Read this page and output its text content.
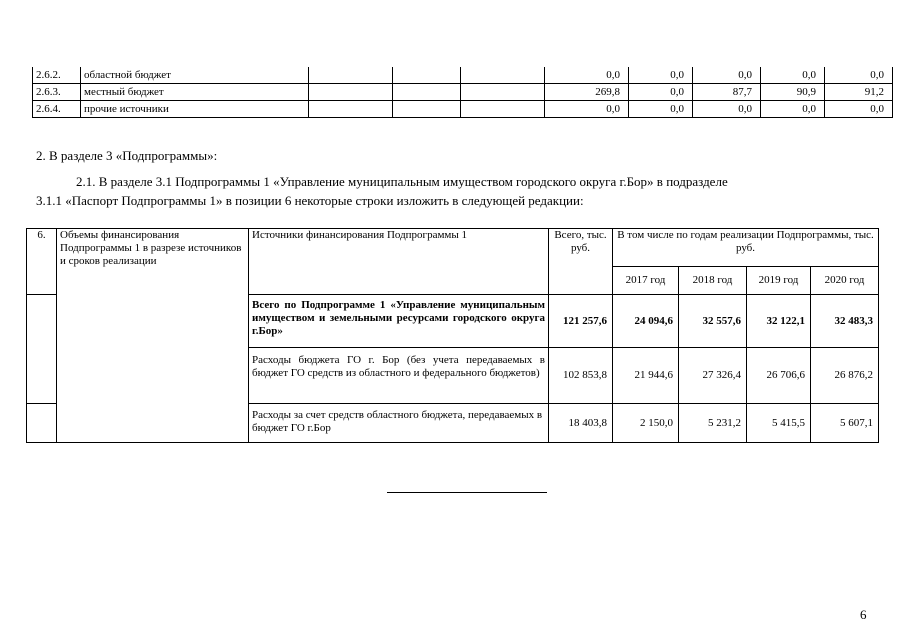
2.6.2.	областной бюджет				0,0	0,0	0,0	0,0	0,0
2.6.3.	местный бюджет				269,8	0,0	87,7	90,9	91,2
2.6.4.	прочие источники				0,0	0,0	0,0	0,0	0,0
2. В разделе 3 «Подпрограммы»:
2.1. В разделе 3.1 Подпрограммы 1 «Управление муниципальным имуществом городского округа г.Бор» в подразделе
3.1.1 «Паспорт Подпрограммы 1» в позиции 6 некоторые строки изложить в следующей редакции:
6.	Объемы финансирования Подпрограммы 1 в разрезе источников и сроков реализации	Источники финансирования Подпрограммы 1	Всего, тыс. руб.	В том числе по годам реализации Подпрограммы, тыс. руб.			
				2017 год	2018 год	2019 год	2020 год
		Всего по Подпрограмме 1 «Управление муниципальным имуществом и земельными ресурсами городского округа г.Бор»	121 257,6	24 094,6	32 557,6	32 122,1	32 483,3
		Расходы бюджета ГО г. Бор (без учета передаваемых в бюджет ГО средств из областного и федерального бюджетов)	102 853,8	21 944,6	27 326,4	26 706,6	26 876,2
		Расходы за счет средств областного бюджета, передаваемых в бюджет ГО г.Бор	18 403,8	2 150,0	5 231,2	5 415,5	5 607,1
6
